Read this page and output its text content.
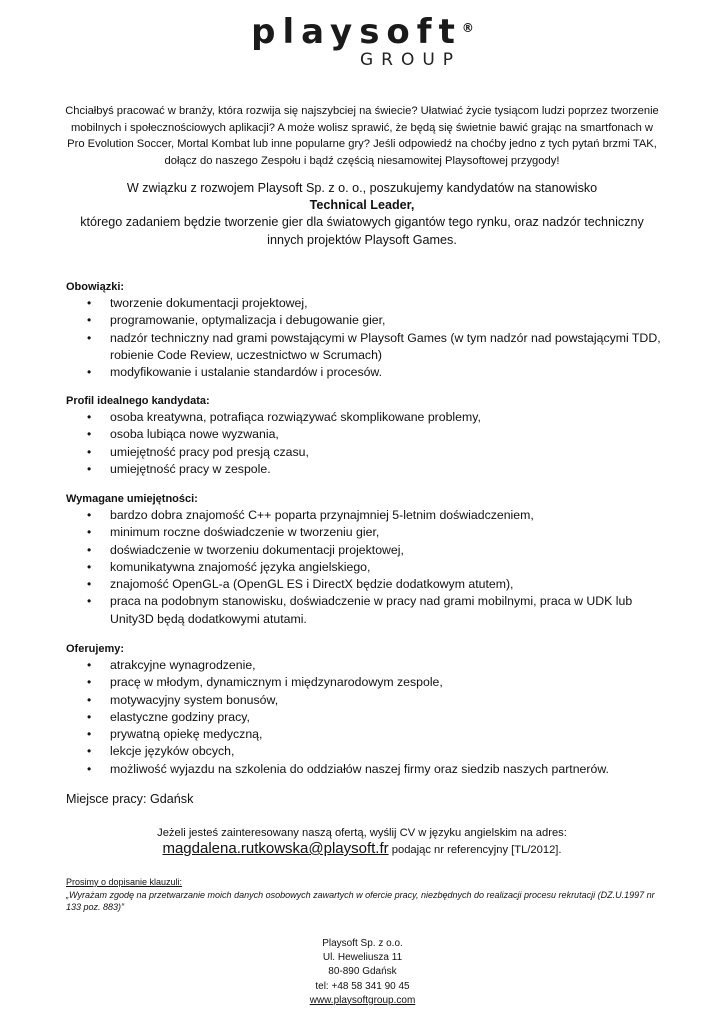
playsoft®
GROUP
Chciałbyś pracować w branży, która rozwija się najszybciej na świecie? Ułatwiać życie tysiącom ludzi poprzez tworzenie mobilnych i społecznościowych aplikacji? A może wolisz sprawić, że będą się świetnie bawić grając na smartfonach w Pro Evolution Soccer, Mortal Kombat lub inne popularne gry? Jeśli odpowiedź na choćby jedno z tych pytań brzmi TAK, dołącz do naszego Zespołu i bądź częścią niesamowitej Playsoftowej przygody!
W związku z rozwojem Playsoft Sp. z o. o., poszukujemy kandydatów na stanowisko
Technical Leader,
którego zadaniem będzie tworzenie gier dla światowych gigantów tego rynku, oraz nadzór techniczny innych projektów Playsoft Games.
Obowiązki:
• tworzenie dokumentacji projektowej,
• programowanie, optymalizacja i debugowanie gier,
• nadzór techniczny nad grami powstającymi w Playsoft Games (w tym nadzór nad powstającymi TDD, robienie Code Review, uczestnictwo w Scrumach)
• modyfikowanie i ustalanie standardów i procesów.
Profil idealnego kandydata:
• osoba kreatywna, potrafiąca rozwiązywać skomplikowane problemy,
• osoba lubiąca nowe wyzwania,
• umiejętność pracy pod presją czasu,
• umiejętność pracy w zespole.
Wymagane umiejętności:
• bardzo dobra znajomość C++ poparta przynajmniej 5-letnim doświadczeniem,
• minimum roczne doświadczenie w tworzeniu gier,
• doświadczenie w tworzeniu dokumentacji projektowej,
• komunikatywna znajomość języka angielskiego,
• znajomość OpenGL-a (OpenGL ES i DirectX będzie dodatkowym atutem),
• praca na podobnym stanowisku, doświadczenie w pracy nad grami mobilnymi, praca w UDK lub Unity3D będą dodatkowymi atutami.
Oferujemy:
• atrakcyjne wynagrodzenie,
• pracę w młodym, dynamicznym i międzynarodowym zespole,
• motywacyjny system bonusów,
• elastyczne godziny pracy,
• prywatną opiekę medyczną,
• lekcje języków obcych,
• możliwość wyjazdu na szkolenia do oddziałów naszej firmy oraz siedzib naszych partnerów.
Miejsce pracy: Gdańsk
Jeżeli jesteś zainteresowany naszą ofertą, wyślij CV w języku angielskim na adres:
magdalena.rutkowska@playsoft.fr podając nr referencyjny [TL/2012].
Prosimy o dopisanie klauzuli:
„Wyrażam zgodę na przetwarzanie moich danych osobowych zawartych w ofercie pracy, niezbędnych do realizacji procesu rekrutacji (DZ.U.1997 nr 133 poz. 883)”
Playsoft Sp. z o.o.
Ul. Heweliusza 11
80-890 Gdańsk
tel: +48 58 341 90 45
www.playsoftgroup.com
